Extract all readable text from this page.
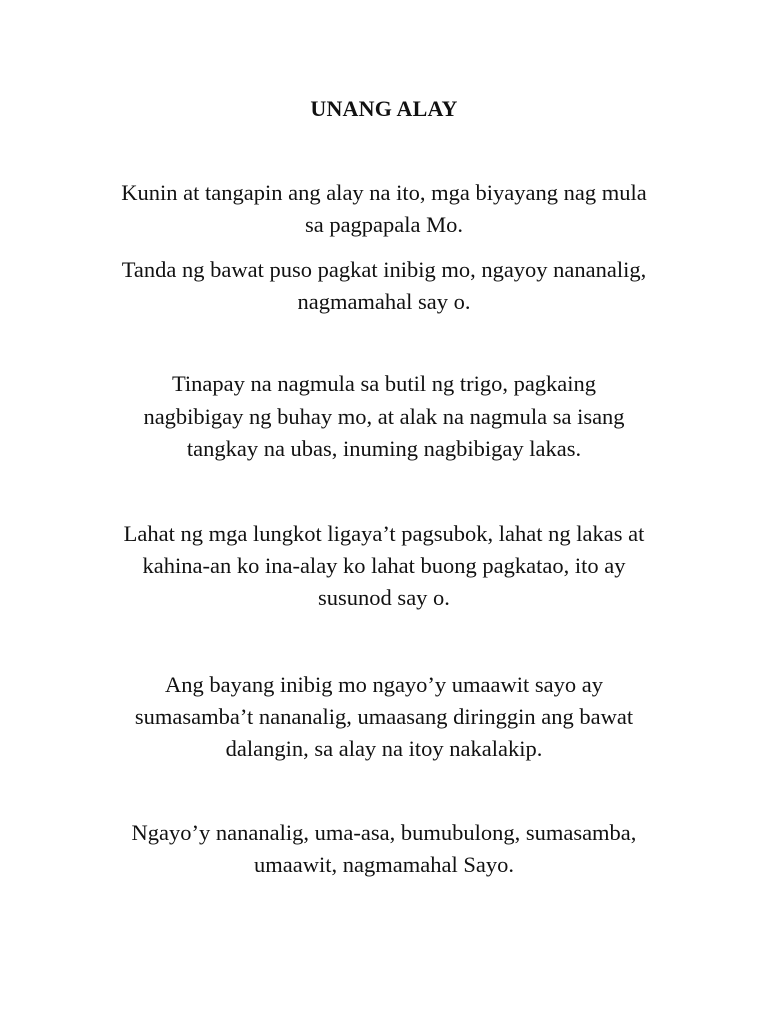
UNANG ALAY
Kunin at tangapin ang alay na ito, mga biyayang nag mula
sa pagpapala Mo.
Tanda ng bawat puso pagkat inibig mo, ngayoy nananalig,
nagmamahal say o.
Tinapay na nagmula sa butil ng trigo, pagkaing
nagbibigay ng buhay mo, at alak na nagmula sa isang
tangkay na ubas, inuming nagbibigay lakas.
Lahat ng mga lungkot ligaya’t pagsubok, lahat ng lakas at
kahina-an ko ina-alay ko lahat buong pagkatao, ito ay
susunod say o.
Ang bayang inibig mo ngayo’y umaawit sayo ay
sumasamba’t nananalig, umaasang diringgin ang bawat
dalangin, sa alay na itoy nakalakip.
Ngayo’y nananalig, uma-asa, bumubulong, sumasamba,
umaawit, nagmamahal Sayo.
